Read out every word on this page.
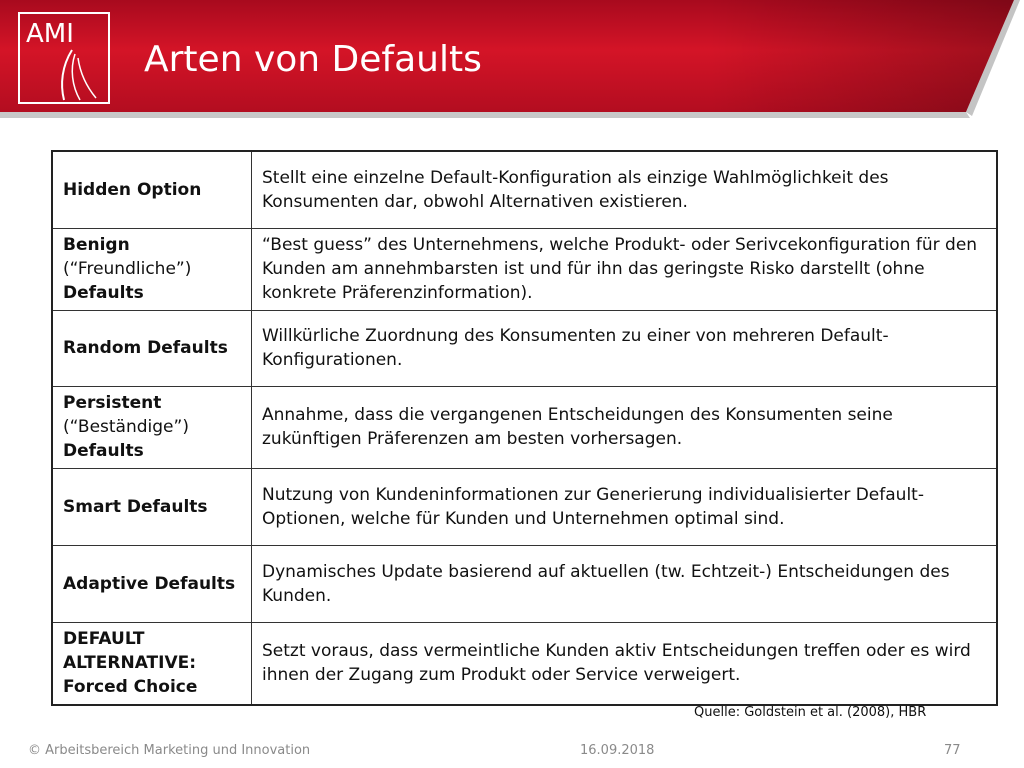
AMI
Arten von Defaults
Hidden Option	Stellt eine einzelne Default-Konfiguration als einzige Wahlmöglichkeit des Konsumenten dar, obwohl Alternativen existieren.

Benign
(“Freundliche”)
Defaults	“Best guess” des Unternehmens, welche Produkt- oder Serivcekonfiguration für den Kunden am annehmbarsten ist und für ihn das geringste Risko darstellt (ohne konkrete Präferenzinformation).
Random Defaults	Willkürliche Zuordnung des Konsumenten zu einer von mehreren Default-Konfigurationen.

Persistent
(“Beständige”)
Defaults	Annahme, dass die vergangenen Entscheidungen des Konsumenten seine zukünftigen Präferenzen am besten vorhersagen.
Smart Defaults	Nutzung von Kundeninformationen zur Generierung individualisierter Default-Optionen, welche für Kunden und Unternehmen optimal sind.
Adaptive Defaults	Dynamisches Update basierend auf aktuellen (tw. Echtzeit-) Entscheidungen des Kunden.
DEFAULT ALTERNATIVE: Forced Choice	Setzt voraus, dass vermeintliche Kunden aktiv Entscheidungen treffen oder es wird ihnen der Zugang zum Produkt oder Service verweigert.
Quelle: Goldstein et al. (2008), HBR
© Arbeitsbereich Marketing und Innovation	16.09.2018	77
